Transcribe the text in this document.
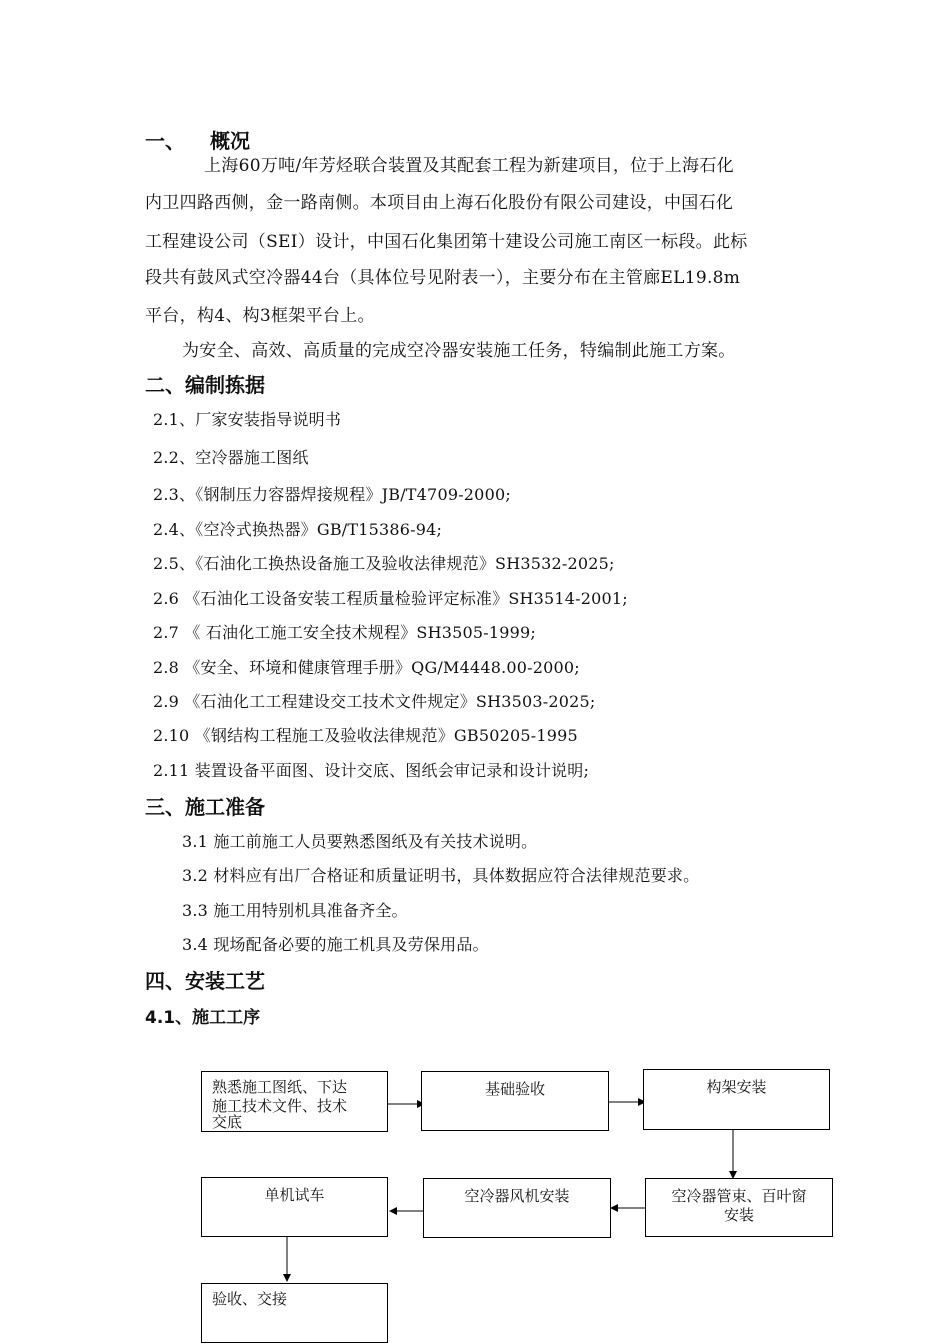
一、 概况
上海60万吨/年芳烃联合装置及其配套工程为新建项目，位于上海石化
内卫四路西侧，金一路南侧。本项目由上海石化股份有限公司建设，中国石化
工程建设公司（SEI）设计，中国石化集团第十建设公司施工南区一标段。此标
段共有鼓风式空冷器44台（具体位号见附表一），主要分布在主管廊EL19.8m
平台，构4、构3框架平台上。
为安全、高效、高质量的完成空冷器安装施工任务，特编制此施工方案。
二、编制拣据
2.1、厂家安装指导说明书
2.2、空冷器施工图纸
2.3、《钢制压力容器焊接规程》JB/T4709-2000;
2.4、《空冷式换热器》GB/T15386-94;
2.5、《石油化工换热设备施工及验收法律规范》SH3532-2025;
2.6 《石油化工设备安装工程质量检验评定标准》SH3514-2001;
2.7 《 石油化工施工安全技术规程》SH3505-1999;
2.8 《安全、环境和健康管理手册》QG/M4448.00-2000;
2.9 《石油化工工程建设交工技术文件规定》SH3503-2025;
2.10 《钢结构工程施工及验收法律规范》GB50205-1995
2.11 装置设备平面图、设计交底、图纸会审记录和设计说明;
三、施工准备
3.1 施工前施工人员要熟悉图纸及有关技术说明。
3.2 材料应有出厂合格证和质量证明书，具体数据应符合法律规范要求。
3.3 施工用特别机具准备齐全。
3.4 现场配备必要的施工机具及劳保用品。
四、安装工艺
4.1、施工工序
熟悉施工图纸、下达
施工技术文件、技术
交底
基础验收	构架安装
空冷器管束、百叶窗
安装
空冷器风机安装
单机试车
验收、交接
